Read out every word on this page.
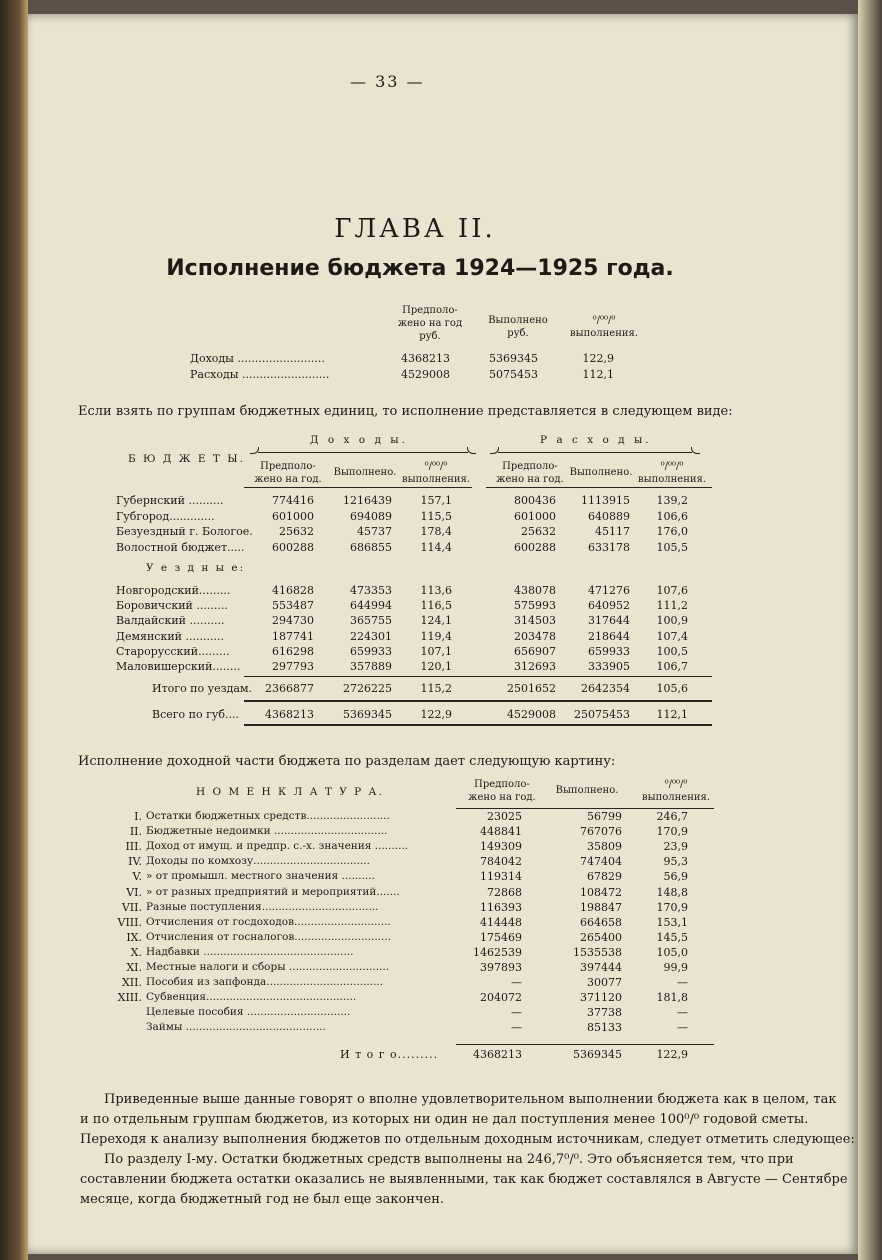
— 33 —
ГЛАВА II.
Исполнение бюджета 1924—1925 года.
Предполо-жено на год руб.
Выполнено руб.
⁰/⁰⁰/⁰ выполнения.
Доходы .........................	4368213	5369345	122,9
Расходы .........................	4529008	5075453	112,1
Если взять по группам бюджетных единиц, то исполнение представляется в следующем виде:
Б Ю Д Ж Е Т Ы.
Д о х о д ы.	Р а с х о д ы.
Предполо-жено на год.
Выполнено.
⁰/⁰⁰/⁰ выполнения.
Предполо-жено на год.
Выполнено.
⁰/⁰⁰/⁰ выполнения.
Губернский ..........	774416	1216439	157,1	800436	1113915	139,2
Губгород.............	601000	694089	115,5	601000	640889	106,6
Безуездный г. Бологое.	25632	45737	178,4	25632	45117	176,0
Волостной бюджет.....	600288	686855	114,4	600288	633178	105,5
У е з д н ы е:
Новгородский.........	416828	473353	113,6	438078	471276	107,6
Боровичский .........	553487	644994	116,5	575993	640952	111,2
Валдайский ..........	294730	365755	124,1	314503	317644	100,9
Демянский ...........	187741	224301	119,4	203478	218644	107,4
Старорусский.........	616298	659933	107,1	656907	659933	100,5
Маловишерский........	297793	357889	120,1	312693	333905	106,7
Итого по уездам.	2366877	2726225	115,2	2501652	2642354	105,6
Всего по губ....	4368213	5369345	122,9	4529008	25075453	112,1
Исполнение доходной части бюджета по разделам дает следующую картину:
Н О М Е Н К Л А Т У Р А.
Предполо-жено на год.
Выполнено.
⁰/⁰⁰/⁰ выполнения.
I. Остатки бюджетных средств.........................	23025	56799	246,7
II. Бюджетные недоимки ..................................	448841	767076	170,9
III. Доход от имущ. и предпр. с.-х. значения ..........	149309	35809	23,9
IV. Доходы по комхозу...................................	784042	747404	95,3
V. » от промышл. местного значения ..........	119314	67829	56,9
VI. » от разных предприятий и мероприятий.......	72868	108472	148,8
VII. Разные поступления...................................	116393	198847	170,9
VIII. Отчисления от госдоходов.............................	414448	664658	153,1
IX. Отчисления от госналогов.............................	175469	265400	145,5
X. Надбавки .............................................	1462539	1535538	105,0
XI. Местные налоги и сборы ..............................	397893	397444	99,9
XII. Пособия из запфонда...................................	—	30077	—
XIII. Субвенция.............................................	204072	371120	181,8
Целевые пособия ...............................	—	37738	—
Займы ..........................................	—	85133	—
И т о г о.........	4368213	5369345	122,9
Приведенные выше данные говорят о вполне удовлетворительном выполнении бюджета как в целом, так
и по отдельным группам бюджетов, из которых ни один не дал поступления менее 100⁰/⁰ годовой сметы.
Переходя к анализу выполнения бюджетов по отдельным доходным источникам, следует отметить следующее:
По разделу I-му. Остатки бюджетных средств выполнены на 246,7⁰/⁰. Это объясняется тем, что при
составлении бюджета остатки оказались не выявленными, так как бюджет составлялся в Августе — Сентябре
месяце, когда бюджетный год не был еще закончен.
